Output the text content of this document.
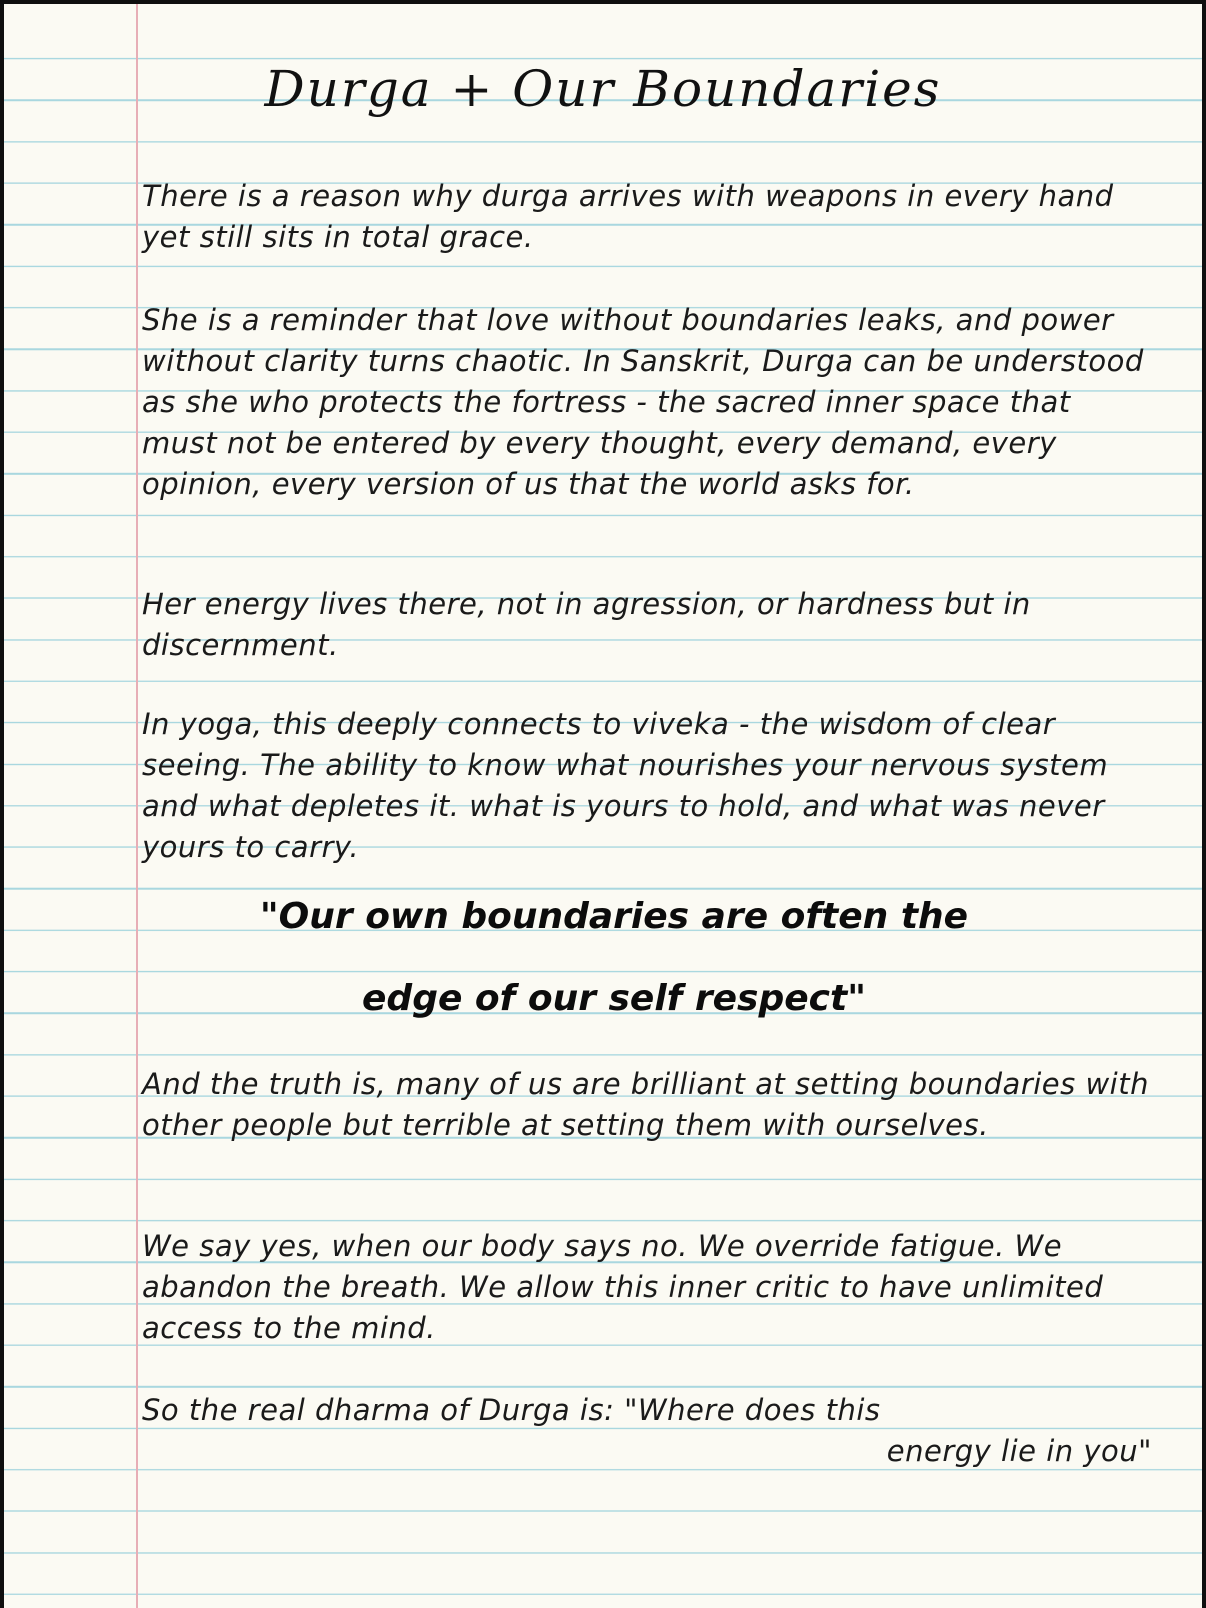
Durga + Our Boundaries

There is a reason why durga arrives with weapons in every hand yet still sits in total grace.

She is a reminder that love without boundaries leaks, and power without clarity turns chaotic. In Sanskrit, Durga can be understood as she who protects the fortress - the sacred inner space that must not be entered by every thought, every demand, every opinion, every version of us that the world asks for.

Her energy lives there, not in agression, or hardness but in discernment.

In yoga, this deeply connects to viveka - the wisdom of clear seeing. The ability to know what nourishes your nervous system and what depletes it. what is yours to hold, and what was never yours to carry.

"Our own boundaries are often the
edge of our self respect"

And the truth is, many of us are brilliant at setting boundaries with other people but terrible at setting them with ourselves.

We say yes, when our body says no. We override fatigue. We abandon the breath. We allow this inner critic to have unlimited access to the mind.

So the real dharma of Durga is: "Where does this

energy lie in you"
